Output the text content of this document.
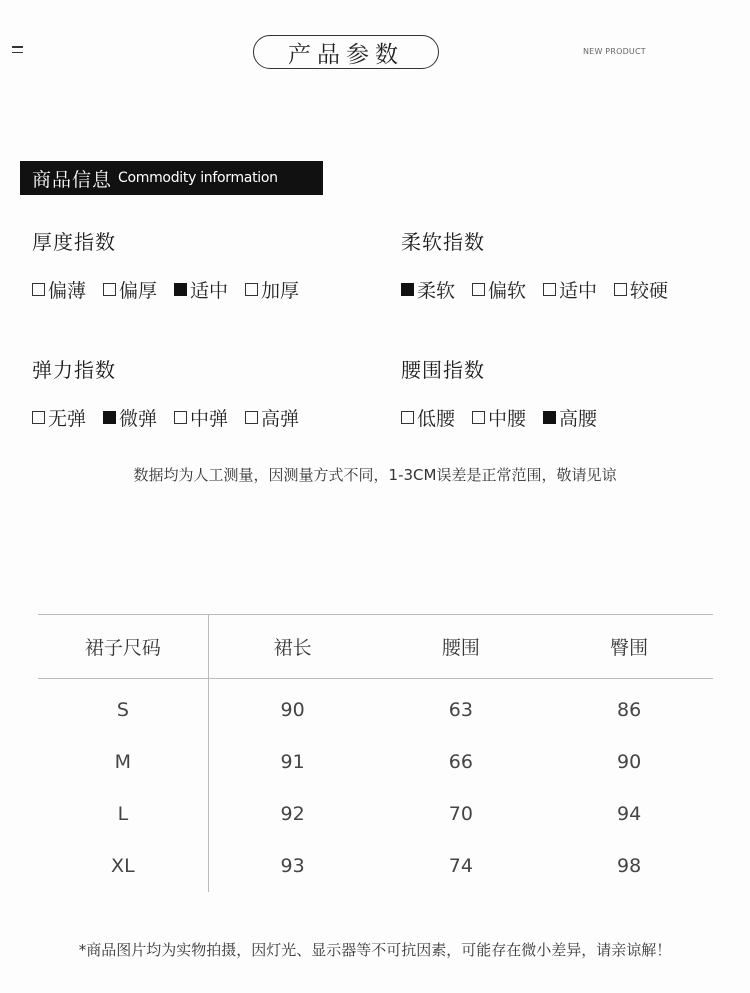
产品参数	NEW PRODUCT
商品信息 Commodity information
厚度指数
偏薄 偏厚 适中 加厚
柔软指数
柔软 偏软 适中 较硬
弹力指数
无弹 微弹 中弹 高弹
腰围指数
低腰 中腰 高腰
数据均为人工测量，因测量方式不同，1-3CM误差是正常范围，敬请见谅
裙子尺码	裙长	腰围	臀围
S	90	63	86
M	91	66	90
L	92	70	94
XL	93	74	98
*商品图片均为实物拍摄，因灯光、显示器等不可抗因素，可能存在微小差异，请亲谅解！
